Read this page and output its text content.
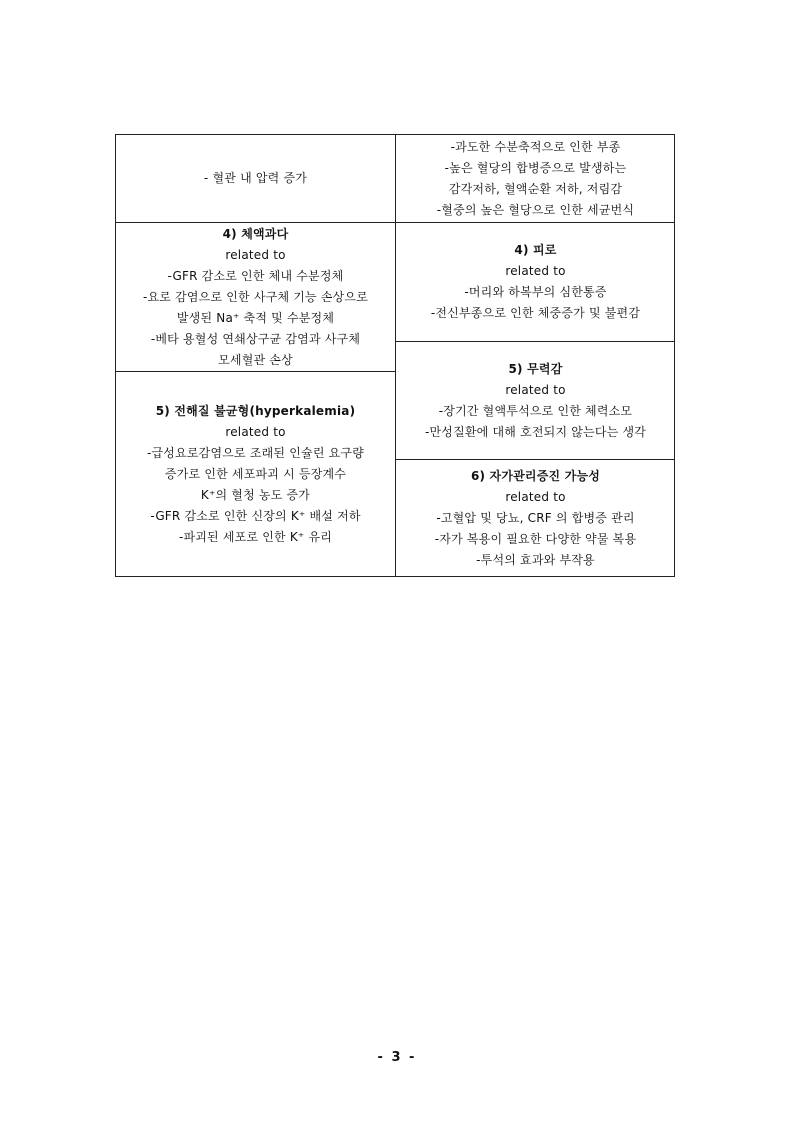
- 혈관 내 압력 증가
4) 체액과다
related to
-GFR 감소로 인한 체내 수분정체
-요로 감염으로 인한 사구체 기능 손상으로
발생된 Na⁺ 축적 및 수분정체
-베타 용혈성 연쇄상구균 감염과 사구체
모세혈관 손상
5) 전해질 불균형(hyperkalemia)
related to
-급성요로감염으로 조래된 인슐린 요구량
증가로 인한 세포파괴 시 등장계수
K⁺의 혈청 농도 증가
-GFR 감소로 인한 신장의 K⁺ 배설 저하
-파괴된 세포로 인한 K⁺ 유리
-과도한 수분축적으로 인한 부종
-높은 혈당의 합병증으로 발생하는
감각저하, 혈액순환 저하, 저림감
-혈중의 높은 혈당으로 인한 세균번식
4) 피로
related to
-머리와 하복부의 심한통증
-전신부종으로 인한 체중증가 및 불편감
5) 무력감
related to
-장기간 혈액투석으로 인한 체력소모
-만성질환에 대해 호전되지 않는다는 생각
6) 자가관리증진 가능성
related to
-고혈압 및 당뇨, CRF 의 합병증 관리
-자가 복용이 필요한 다양한 약물 복용
-투석의 효과와 부작용
- 3 -
